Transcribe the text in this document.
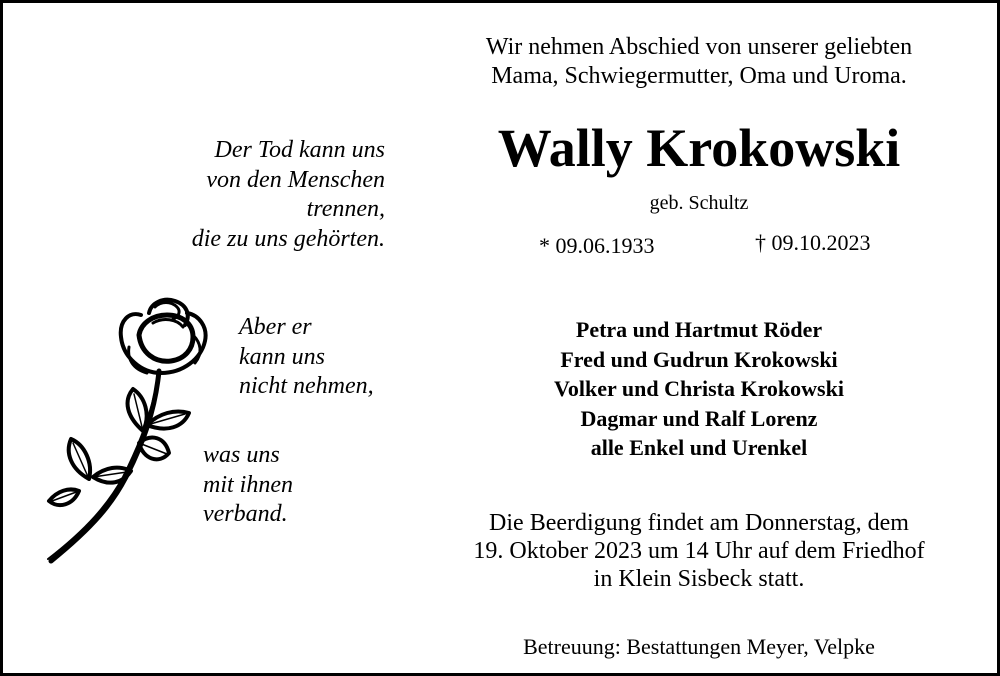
Wir nehmen Abschied von unserer geliebten
Mama, Schwiegermutter, Oma und Uroma.
Wally Krokowski
geb. Schultz
* 09.06.1933	† 09.10.2023
Der Tod kann uns
von den Menschen
trennen,
die zu uns gehörten.
Aber er
kann uns
nicht nehmen,
was uns
mit ihnen
verband.
Petra und Hartmut Röder
Fred und Gudrun Krokowski
Volker und Christa Krokowski
Dagmar und Ralf Lorenz
alle Enkel und Urenkel
Die Beerdigung findet am Donnerstag, dem
19. Oktober 2023 um 14 Uhr auf dem Friedhof
in Klein Sisbeck statt.
Betreuung: Bestattungen Meyer, Velpke
